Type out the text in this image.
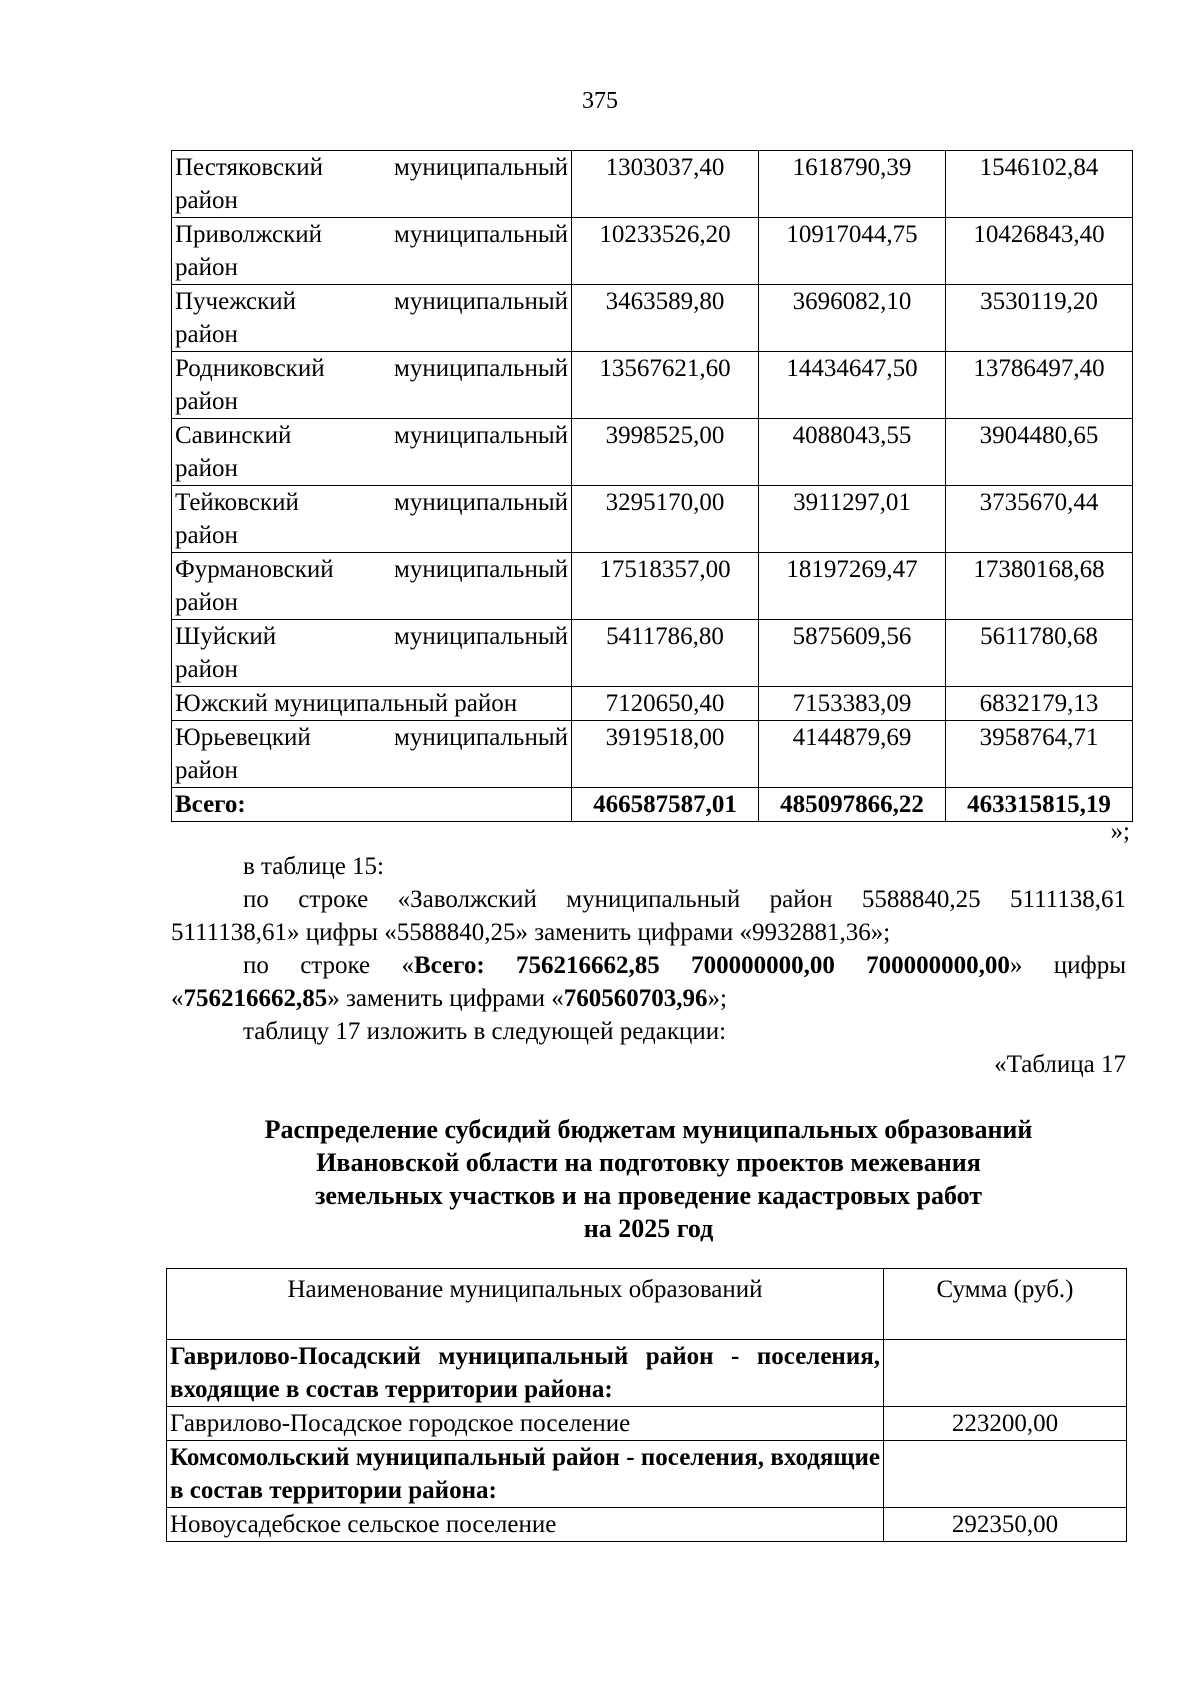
375
Пестяковский муниципальный
район	1303037,40	1618790,39	1546102,84

Приволжский муниципальный
район	10233526,20	10917044,75	10426843,40

Пучежский муниципальный
район	3463589,80	3696082,10	3530119,20

Родниковский муниципальный
район	13567621,60	14434647,50	13786497,40

Савинский муниципальный
район	3998525,00	4088043,55	3904480,65

Тейковский муниципальный
район	3295170,00	3911297,01	3735670,44

Фурмановский муниципальный
район	17518357,00	18197269,47	17380168,68

Шуйский муниципальный
район	5411786,80	5875609,56	5611780,68
Южский муниципальный район	7120650,40	7153383,09	6832179,13

Юрьевецкий муниципальный
район	3919518,00	4144879,69	3958764,71
Всего:	466587587,01	485097866,22	463315815,19
»;
в таблице 15:
по строке «Заволжский муниципальный район 5588840,25 5111138,61
5111138,61» цифры «5588840,25» заменить цифрами «9932881,36»;
по строке «Всего: 756216662,85 700000000,00 700000000,00» цифры
«756216662,85» заменить цифрами «760560703,96»;
таблицу 17 изложить в следующей редакции:
«Таблица 17
Распределение субсидий бюджетам муниципальных образований
Ивановской области на подготовку проектов межевания
земельных участков и на проведение кадастровых работ
на 2025 год
Наименование муниципальных образований	Сумма (руб.)
Гаврилово-Посадский муниципальный район - поселения, входящие в состав территории района:	
Гаврилово-Посадское городское поселение	223200,00
Комсомольский муниципальный район - поселения, входящие в состав территории района:	
Новоусадебское сельское поселение	292350,00
